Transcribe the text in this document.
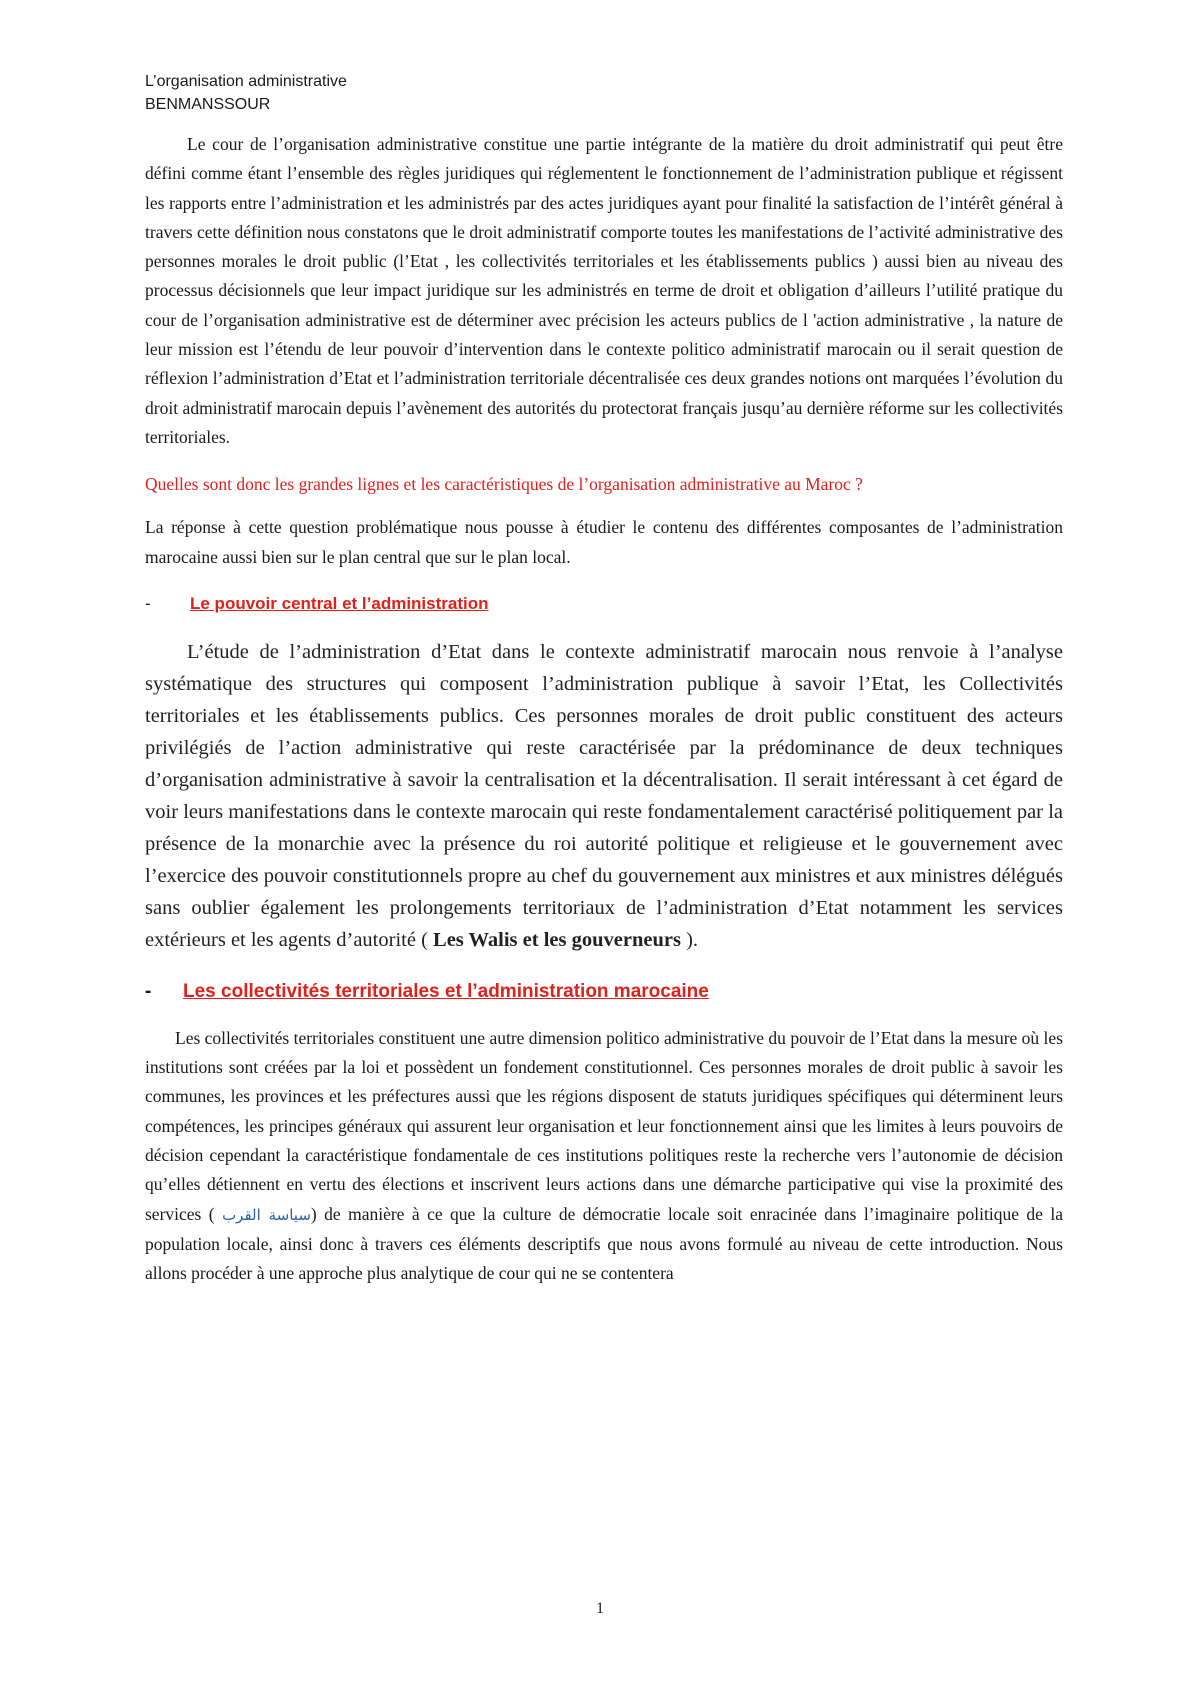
L’organisation administrative

BENMANSSOUR

Le cour de l’organisation administrative constitue une partie intégrante de la matière du droit administratif qui peut être défini comme étant l’ensemble des règles juridiques qui réglementent le fonctionnement de l’administration publique et régissent les rapports entre l’administration et les administrés par des actes juridiques ayant pour finalité la satisfaction de l’intérêt général à travers cette définition nous constatons que le droit administratif comporte toutes les manifestations de l’activité administrative des personnes morales le droit public (l’Etat , les collectivités territoriales et les établissements publics ) aussi bien au niveau des processus décisionnels que leur impact juridique sur les administrés en terme de droit et obligation d’ailleurs l’utilité pratique du cour de l’organisation administrative est de déterminer avec précision les acteurs publics de l 'action administrative , la nature de leur mission est l’étendu de leur pouvoir d’intervention dans le contexte politico administratif marocain ou il serait question de réflexion l’administration d’Etat et l’administration territoriale décentralisée ces deux grandes notions ont marquées l’évolution du droit administratif marocain depuis l’avènement des autorités du protectorat français jusqu’au dernière réforme sur les collectivités territoriales.

Quelles sont donc les grandes lignes et les caractéristiques de l’organisation administrative au Maroc ?

La réponse à cette question problématique nous pousse à étudier le contenu des différentes composantes de l’administration marocaine aussi bien sur le plan central que sur le plan local.

- Le pouvoir central et l’administration

L’étude de l’administration d’Etat dans le contexte administratif marocain nous renvoie à l’analyse systématique des structures qui composent l’administration publique à savoir l’Etat, les Collectivités territoriales et les établissements publics. Ces personnes morales de droit public constituent des acteurs privilégiés de l’action administrative qui reste caractérisée par la prédominance de deux techniques d’organisation administrative à savoir la centralisation et la décentralisation. Il serait intéressant à cet égard de voir leurs manifestations dans le contexte marocain qui reste fondamentalement caractérisé politiquement par la présence de la monarchie avec la présence du roi autorité politique et religieuse et le gouvernement avec l’exercice des pouvoir constitutionnels propre au chef du gouvernement aux ministres et aux ministres délégués sans oublier également les prolongements territoriaux de l’administration d’Etat notamment les services extérieurs et les agents d’autorité ( Les Walis et les gouverneurs ).

- Les collectivités territoriales et l’administration marocaine

Les collectivités territoriales constituent une autre dimension politico administrative du pouvoir de l’Etat dans la mesure où les institutions sont créées par la loi et possèdent un fondement constitutionnel. Ces personnes morales de droit public à savoir les communes, les provinces et les préfectures aussi que les régions disposent de statuts juridiques spécifiques qui déterminent leurs compétences, les principes généraux qui assurent leur organisation et leur fonctionnement ainsi que les limites à leurs pouvoirs de décision cependant la caractéristique fondamentale de ces institutions politiques reste la recherche vers l’autonomie de décision qu’elles détiennent en vertu des élections et inscrivent leurs actions dans une démarche participative qui vise la proximité des services ( سياسة القرب) de manière à ce que la culture de démocratie locale soit enracinée dans l’imaginaire politique de la population locale, ainsi donc à travers ces éléments descriptifs que nous avons formulé au niveau de cette introduction. Nous allons procéder à une approche plus analytique de cour qui ne se contentera

1
